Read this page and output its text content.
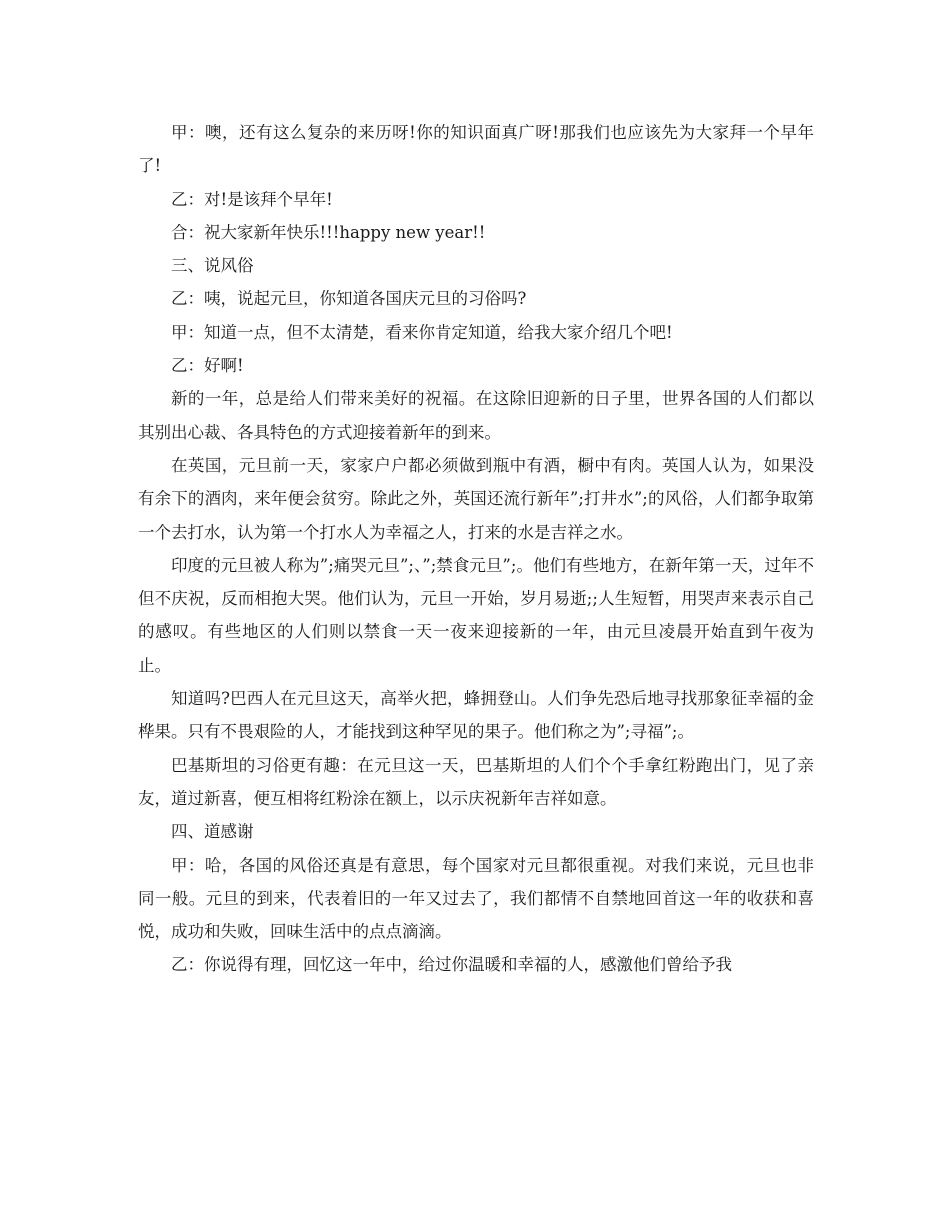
甲：噢，还有这么复杂的来历呀!你的知识面真广呀!那我们也应该先为大家拜一个早年了!

乙：对!是该拜个早年!

合：祝大家新年快乐!!!happy new year!!

三、说风俗

乙：咦，说起元旦，你知道各国庆元旦的习俗吗?

甲：知道一点，但不太清楚，看来你肯定知道，给我大家介绍几个吧!

乙：好啊!

新的一年，总是给人们带来美好的祝福。在这除旧迎新的日子里，世界各国的人们都以其别出心裁、各具特色的方式迎接着新年的到来。

在英国，元旦前一天，家家户户都必须做到瓶中有酒，橱中有肉。英国人认为，如果没有余下的酒肉，来年便会贫穷。除此之外，英国还流行新年”;打井水”;的风俗，人们都争取第一个去打水，认为第一个打水人为幸福之人，打来的水是吉祥之水。

印度的元旦被人称为”;痛哭元旦”;、”;禁食元旦”;。他们有些地方，在新年第一天，过年不但不庆祝，反而相抱大哭。他们认为，元旦一开始，岁月易逝;;人生短暂，用哭声来表示自己的感叹。有些地区的人们则以禁食一天一夜来迎接新的一年，由元旦凌晨开始直到午夜为止。

知道吗?巴西人在元旦这天，高举火把，蜂拥登山。人们争先恐后地寻找那象征幸福的金桦果。只有不畏艰险的人，才能找到这种罕见的果子。他们称之为”;寻福”;。

巴基斯坦的习俗更有趣：在元旦这一天，巴基斯坦的人们个个手拿红粉跑出门，见了亲友，道过新喜，便互相将红粉涂在额上，以示庆祝新年吉祥如意。

四、道感谢

甲：哈，各国的风俗还真是有意思，每个国家对元旦都很重视。对我们来说，元旦也非同一般。元旦的到来，代表着旧的一年又过去了，我们都情不自禁地回首这一年的收获和喜悦，成功和失败，回味生活中的点点滴滴。

乙：你说得有理，回忆这一年中，给过你温暖和幸福的人，感激他们曾给予我
